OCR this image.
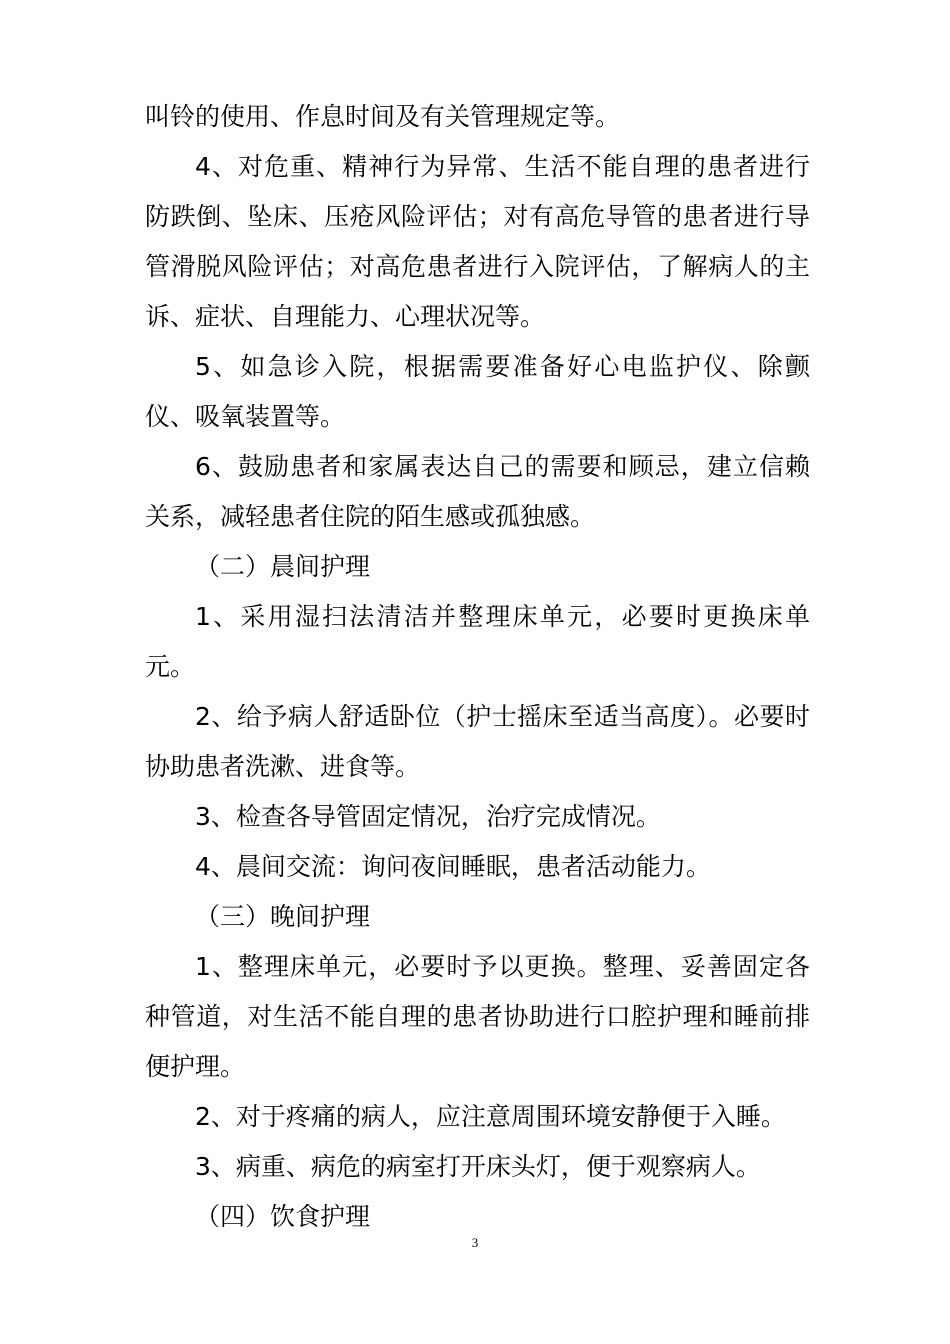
叫铃的使用、作息时间及有关管理规定等。

4、对危重、精神行为异常、生活不能自理的患者进行防跌倒、坠床、压疮风险评估；对有高危导管的患者进行导管滑脱风险评估；对高危患者进行入院评估，了解病人的主诉、症状、自理能力、心理状况等。

5、如急诊入院，根据需要准备好心电监护仪、除颤仪、吸氧装置等。

6、鼓励患者和家属表达自己的需要和顾忌，建立信赖关系，减轻患者住院的陌生感或孤独感。

（二）晨间护理

1、采用湿扫法清洁并整理床单元，必要时更换床单元。

2、给予病人舒适卧位（护士摇床至适当高度）。必要时协助患者洗漱、进食等。

3、检查各导管固定情况，治疗完成情况。

4、晨间交流：询问夜间睡眠，患者活动能力。

（三）晚间护理

1、整理床单元，必要时予以更换。整理、妥善固定各种管道，对生活不能自理的患者协助进行口腔护理和睡前排便护理。

2、对于疼痛的病人，应注意周围环境安静便于入睡。

3、病重、病危的病室打开床头灯，便于观察病人。

（四）饮食护理

3
